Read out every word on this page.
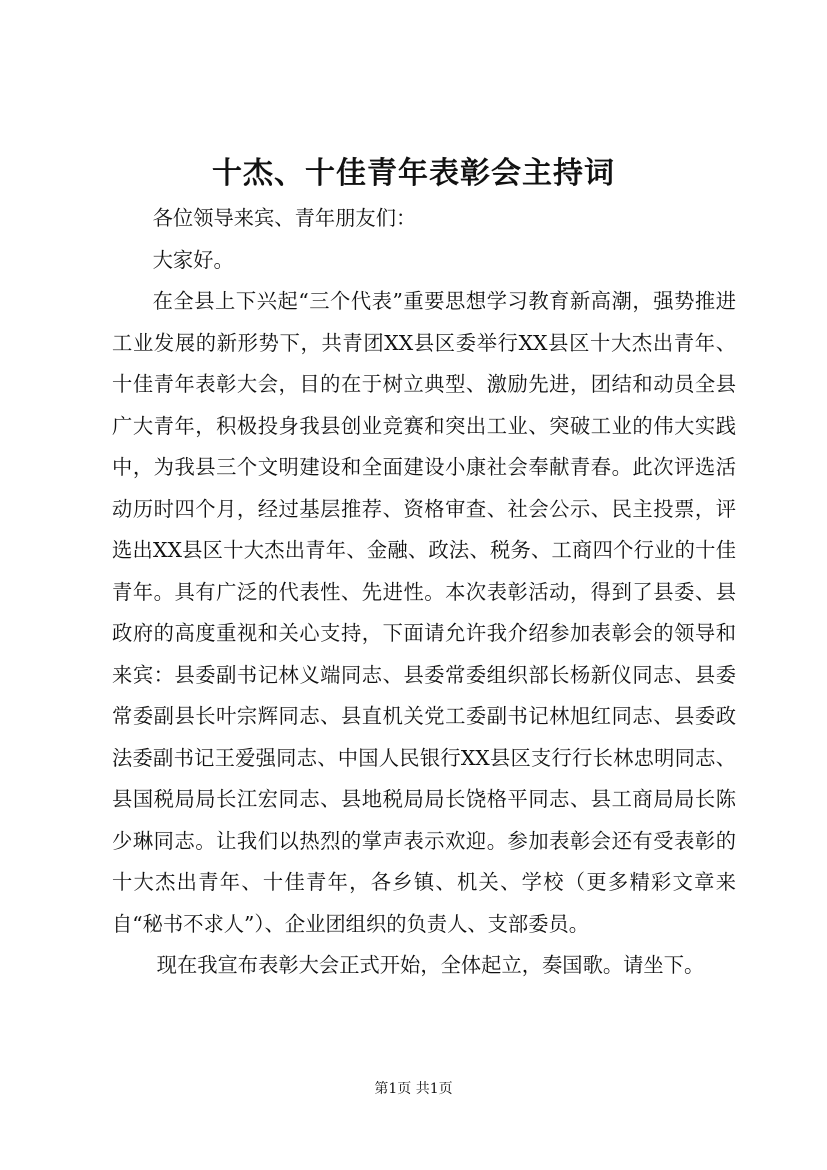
十杰、十佳青年表彰会主持词

各位领导来宾、青年朋友们：

大家好。

在全县上下兴起“三个代表”重要思想学习教育新高潮，强势推进工业发展的新形势下，共青团XX县区委举行XX县区十大杰出青年、十佳青年表彰大会，目的在于树立典型、激励先进，团结和动员全县广大青年，积极投身我县创业竞赛和突出工业、突破工业的伟大实践中，为我县三个文明建设和全面建设小康社会奉献青春。此次评选活动历时四个月，经过基层推荐、资格审查、社会公示、民主投票，评选出XX县区十大杰出青年、金融、政法、税务、工商四个行业的十佳青年。具有广泛的代表性、先进性。本次表彰活动，得到了县委、县政府的高度重视和关心支持，下面请允许我介绍参加表彰会的领导和来宾：县委副书记林义端同志、县委常委组织部长杨新仪同志、县委常委副县长叶宗辉同志、县直机关党工委副书记林旭红同志、县委政法委副书记王爱强同志、中国人民银行XX县区支行行长林忠明同志、县国税局局长江宏同志、县地税局局长饶格平同志、县工商局局长陈少琳同志。让我们以热烈的掌声表示欢迎。参加表彰会还有受表彰的十大杰出青年、十佳青年，各乡镇、机关、学校（更多精彩文章来自“秘书不求人”）、企业团组织的负责人、支部委员。

现在我宣布表彰大会正式开始，全体起立，奏国歌。请坐下。

第1页 共1页
